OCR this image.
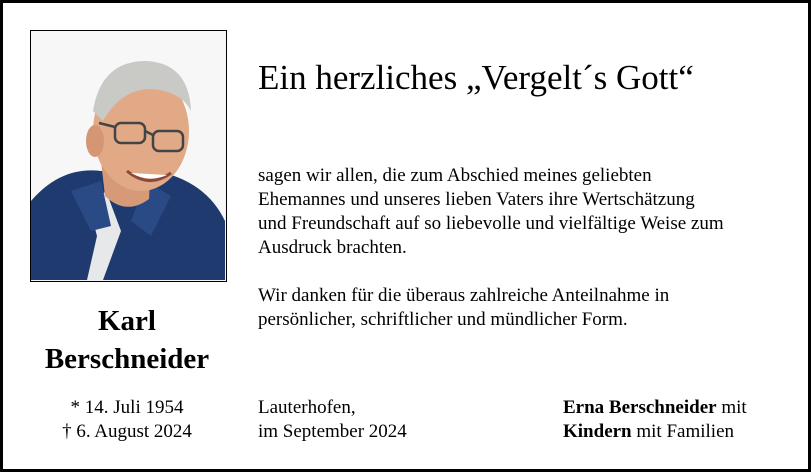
Karl
Berschneider
* 14. Juli 1954
† 6. August 2024
Ein herzliches „Vergelt´s Gott“
sagen wir allen, die zum Abschied meines geliebten
Ehemannes und unseres lieben Vaters ihre Wertschätzung
und Freundschaft auf so liebevolle und vielfältige Weise zum
Ausdruck brachten.
Wir danken für die überaus zahlreiche Anteilnahme in
persönlicher, schriftlicher und mündlicher Form.
Lauterhofen,
im September 2024
Erna Berschneider mit
Kindern mit Familien
